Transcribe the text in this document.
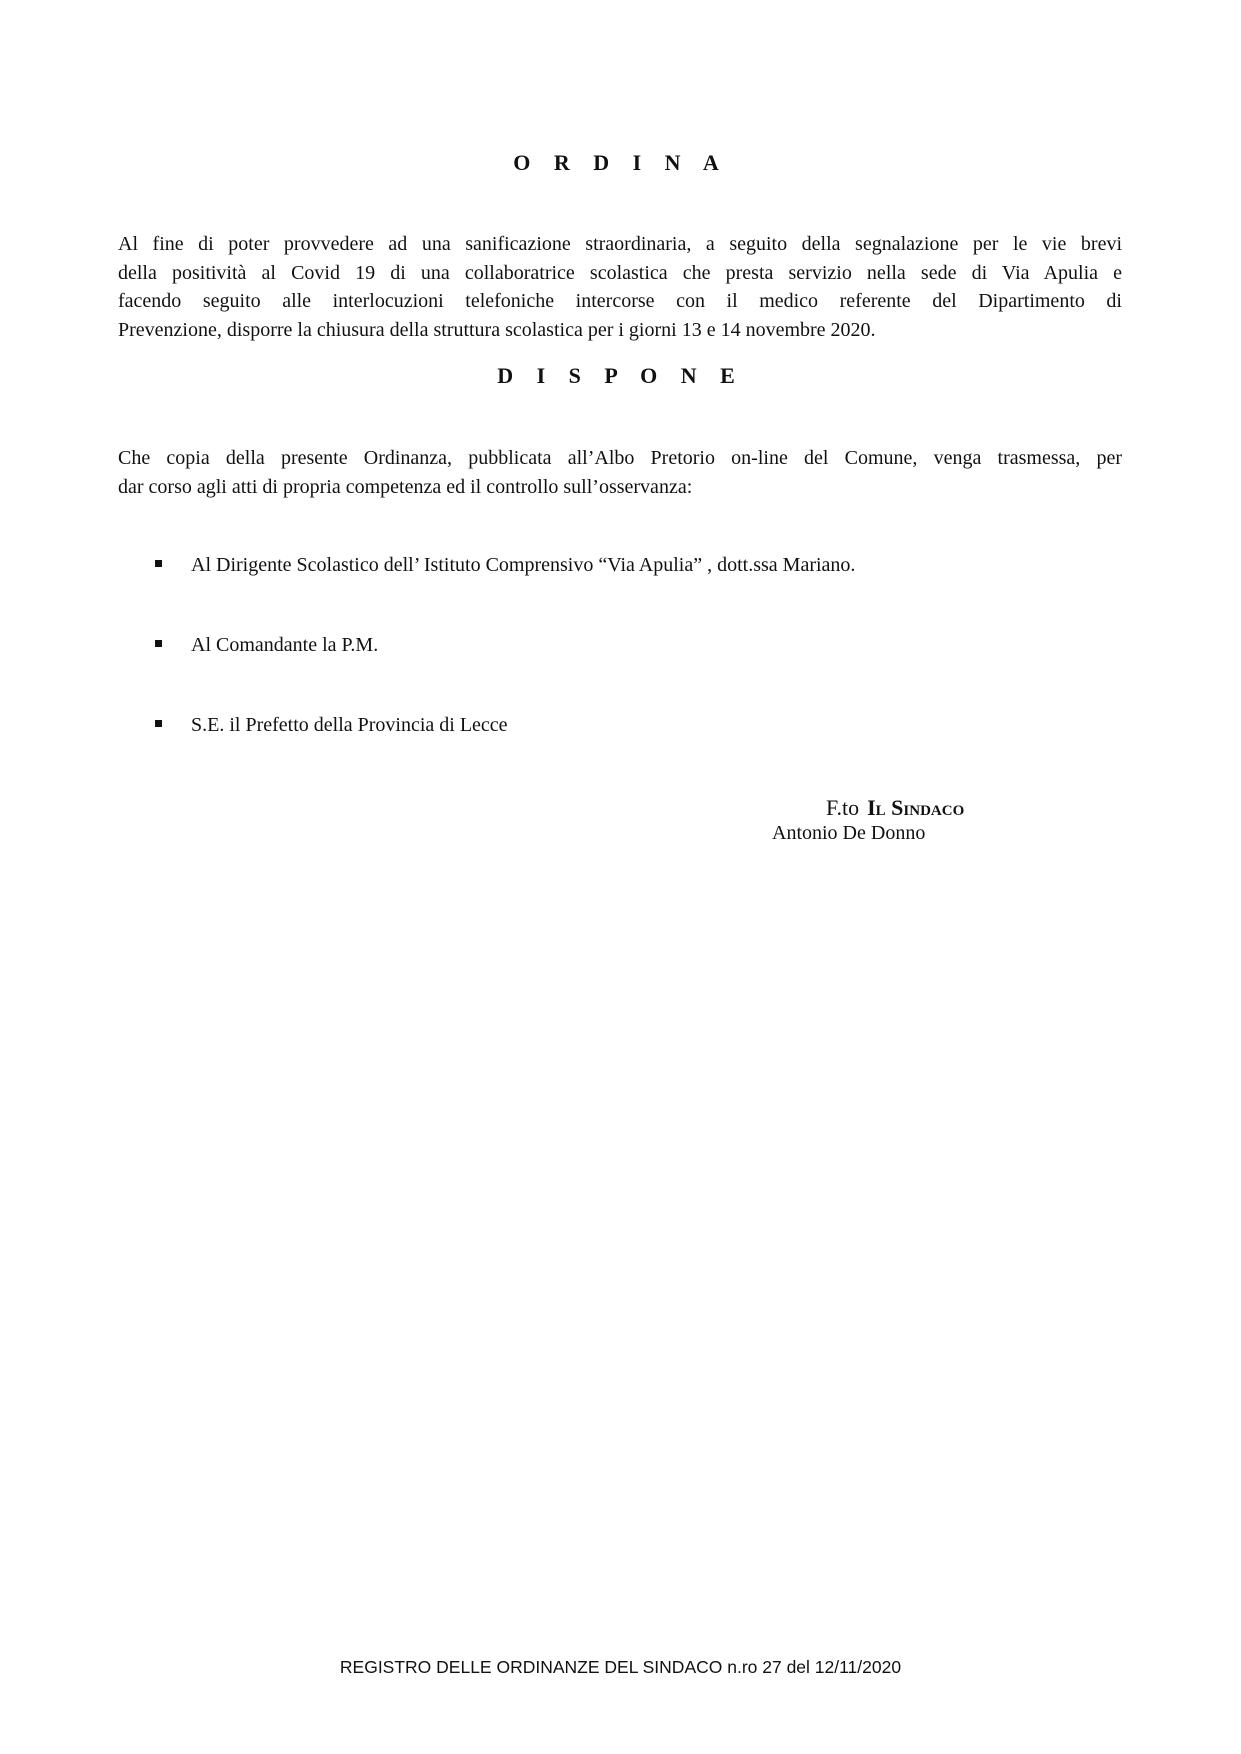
O R D I N A
Al fine di poter provvedere ad una sanificazione straordinaria, a seguito della segnalazione per le vie brevi
della positività al Covid 19 di una collaboratrice scolastica che presta servizio nella sede di Via Apulia e
facendo seguito alle interlocuzioni telefoniche intercorse con il medico referente del Dipartimento di
Prevenzione, disporre la chiusura della struttura scolastica per i giorni 13 e 14 novembre 2020.
D I S P O N E
Che copia della presente Ordinanza, pubblicata all’Albo Pretorio on-line del Comune, venga trasmessa, per
dar corso agli atti di propria competenza ed il controllo sull’osservanza:
Al Dirigente Scolastico dell’ Istituto Comprensivo “Via Apulia” , dott.ssa Mariano.
Al Comandante la P.M.
S.E. il Prefetto della Provincia di Lecce
F.to Il Sindaco
Antonio De Donno
REGISTRO DELLE ORDINANZE DEL SINDACO n.ro 27 del 12/11/2020
